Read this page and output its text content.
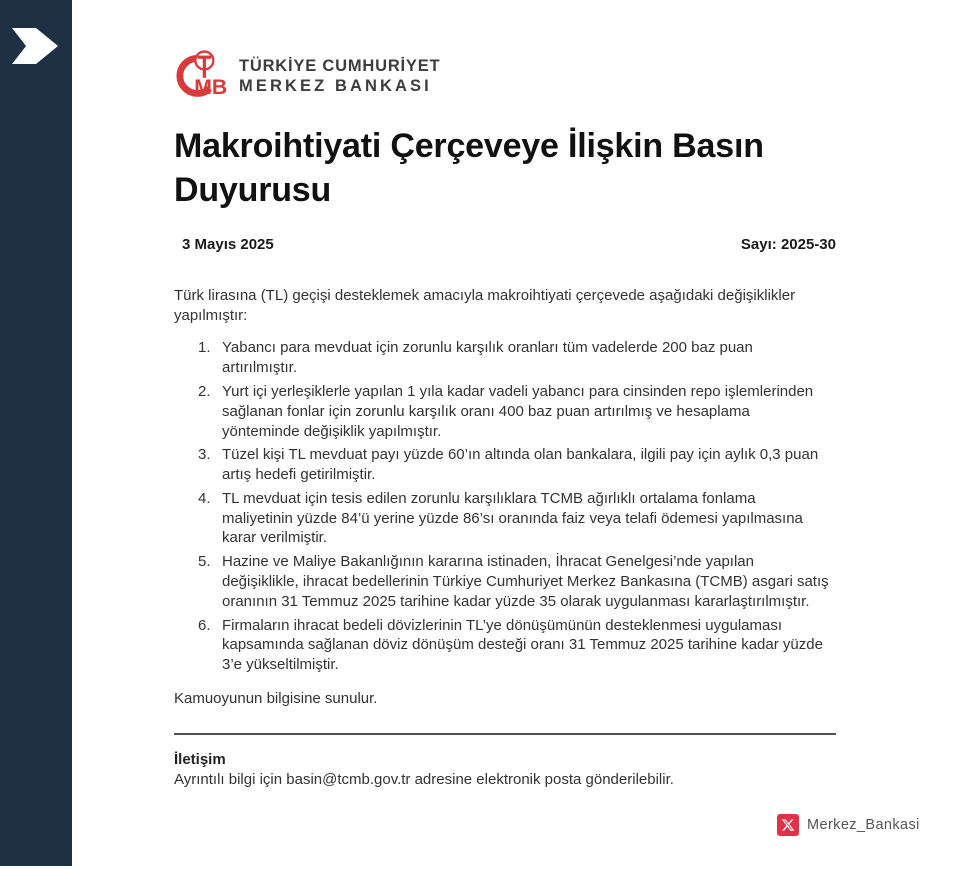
MB
TÜRKİYE CUMHURİYET
MERKEZ BANKASI
Makroihtiyati Çerçeveye İlişkin Basın Duyurusu
3 Mayıs 2025	Sayı: 2025-30

Türk lirasına (TL) geçişi desteklemek amacıyla makroihtiyati çerçevede aşağıdaki değişiklikler yapılmıştır:

1. Yabancı para mevduat için zorunlu karşılık oranları tüm vadelerde 200 baz puan artırılmıştır.
2. Yurt içi yerleşiklerle yapılan 1 yıla kadar vadeli yabancı para cinsinden repo işlemlerinden sağlanan fonlar için zorunlu karşılık oranı 400 baz puan artırılmış ve hesaplama yönteminde değişiklik yapılmıştır.
3. Tüzel kişi TL mevduat payı yüzde 60’ın altında olan bankalara, ilgili pay için aylık 0,3 puan artış hedefi getirilmiştir.
4. TL mevduat için tesis edilen zorunlu karşılıklara TCMB ağırlıklı ortalama fonlama maliyetinin yüzde 84’ü yerine yüzde 86’sı oranında faiz veya telafi ödemesi yapılmasına karar verilmiştir.
5. Hazine ve Maliye Bakanlığının kararına istinaden, İhracat Genelgesi’nde yapılan değişiklikle, ihracat bedellerinin Türkiye Cumhuriyet Merkez Bankasına (TCMB) asgari satış oranının 31 Temmuz 2025 tarihine kadar yüzde 35 olarak uygulanması kararlaştırılmıştır.
6. Firmaların ihracat bedeli dövizlerinin TL’ye dönüşümünün desteklenmesi uygulaması kapsamında sağlanan döviz dönüşüm desteği oranı 31 Temmuz 2025 tarihine kadar yüzde 3’e yükseltilmiştir.

Kamuoyunun bilgisine sunulur.

İletişim

Ayrıntılı bilgi için basin@tcmb.gov.tr adresine elektronik posta gönderilebilir.

Merkez_Bankasi
